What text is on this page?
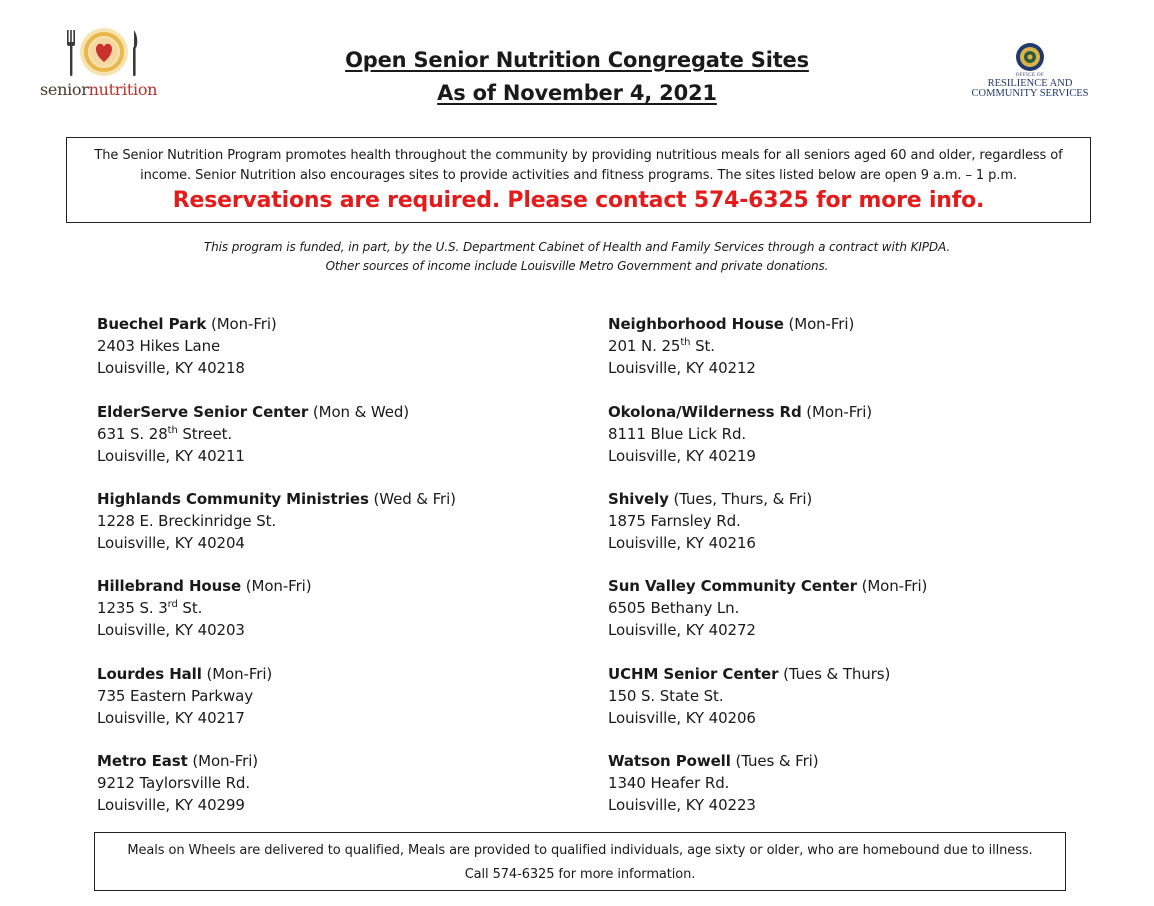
seniornutrition
Open Senior Nutrition Congregate Sites
As of November 4, 2021
OFFICE OF
RESILIENCE AND
COMMUNITY SERVICES
The Senior Nutrition Program promotes health throughout the community by providing nutritious meals for all seniors aged 60 and older, regardless of income. Senior Nutrition also encourages sites to provide activities and fitness programs. The sites listed below are open 9 a.m. – 1 p.m.
Reservations are required. Please contact 574-6325 for more info.
This program is funded, in part, by the U.S. Department Cabinet of Health and Family Services through a contract with KIPDA.
Other sources of income include Louisville Metro Government and private donations.
Buechel Park (Mon-Fri)
2403 Hikes Lane
Louisville, KY 40218
ElderServe Senior Center (Mon & Wed)
631 S. 28th Street.
Louisville, KY 40211
Highlands Community Ministries (Wed & Fri)
1228 E. Breckinridge St.
Louisville, KY 40204
Hillebrand House (Mon-Fri)
1235 S. 3rd St.
Louisville, KY 40203
Lourdes Hall (Mon-Fri)
735 Eastern Parkway
Louisville, KY 40217
Metro East (Mon-Fri)
9212 Taylorsville Rd.
Louisville, KY 40299
Neighborhood House (Mon-Fri)
201 N. 25th St.
Louisville, KY 40212
Okolona/Wilderness Rd (Mon-Fri)
8111 Blue Lick Rd.
Louisville, KY 40219
Shively (Tues, Thurs, & Fri)
1875 Farnsley Rd.
Louisville, KY 40216
Sun Valley Community Center (Mon-Fri)
6505 Bethany Ln.
Louisville, KY 40272
UCHM Senior Center (Tues & Thurs)
150 S. State St.
Louisville, KY 40206
Watson Powell (Tues & Fri)
1340 Heafer Rd.
Louisville, KY 40223
Meals on Wheels are delivered to qualified, Meals are provided to qualified individuals, age sixty or older, who are homebound due to illness.
Call 574-6325 for more information.
